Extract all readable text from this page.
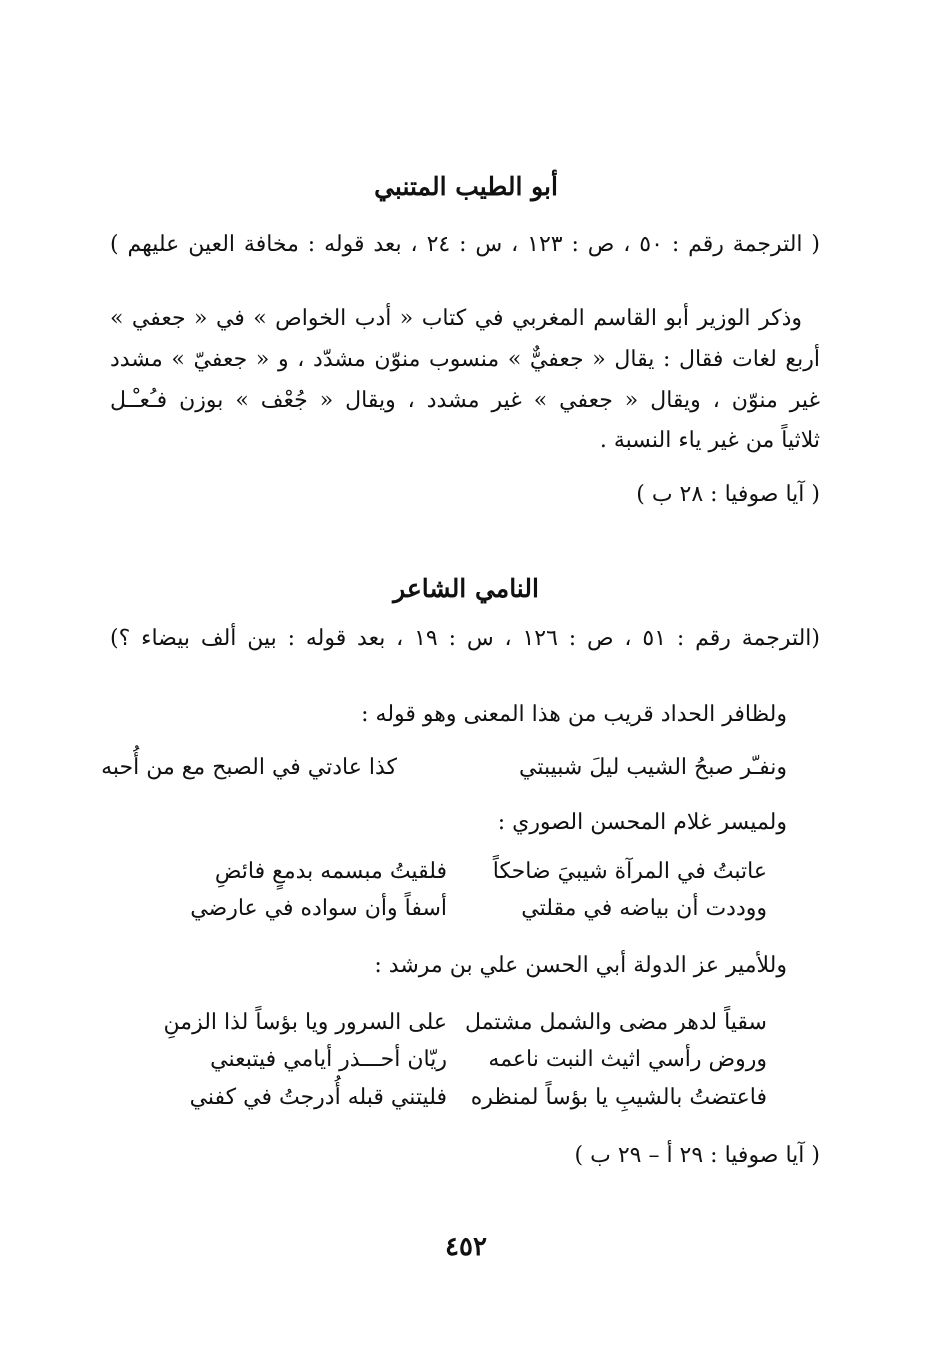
أبو الطيب المتنبي
( الترجمة رقم : ٥٠ ، ص : ١٢٣ ، س : ٢٤ ، بعد قوله : مخافة العين عليهم )
وذكر الوزير أبو القاسم المغربي في كتاب « أدب الخواص » في « جعفي »
أربع لغات فقال : يقال « جعفيٌّ » منسوب منوّن مشدّد ، و « جعفيّ » مشدد
غير منوّن ، ويقال « جعفي » غير مشدد ، ويقال « جُعْف » بوزن فـُعـْـل
ثلاثياً من غير ياء النسبة .
( آيا صوفيا : ٢٨ ب )
النامي الشاعر
(الترجمة رقم : ٥١ ، ص : ١٢٦ ، س : ١٩ ، بعد قوله : بين ألف بيضاء ؟)
ولظافر الحداد قريب من هذا المعنى وهو قوله :
ونفـّر صبحُ الشيب ليلَ شبيبتي
كذا عادتي في الصبح مع من أُحبه
ولميسر غلام المحسن الصوري :
عاتبتُ في المرآة شيبيَ ضاحكاً
فلقيتُ مبسمه بدمعٍ فائضِ
ووددت أن بياضه في مقلتي
أسفاً وأن سواده في عارضي
وللأمير عز الدولة أبي الحسن علي بن مرشد :
سقياً لدهر مضى والشمل مشتمل
على السرور ويا بؤساً لذا الزمنِ
وروض رأسي اثيث النبت ناعمه
ريّان أحـــذر أيامي فيتبعني
فاعتضتُ بالشيبِ يا بؤساً لمنظره
فليتني قبله أُدرجتُ في كفني
( آيا صوفيا : ٢٩ أ – ٢٩ ب )
٤٥٢
